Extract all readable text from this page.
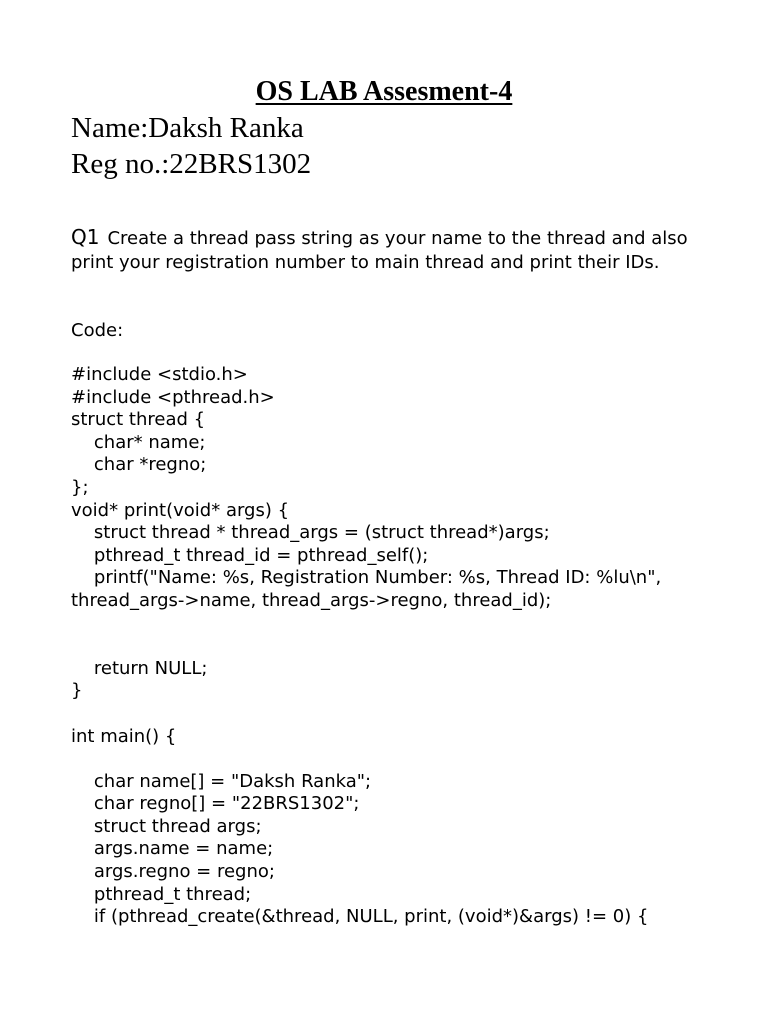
OS LAB Assesment-4
Name:Daksh Ranka
Reg no.:22BRS1302
Q1 Create a thread pass string as your name to the thread and also print your registration number to main thread and print their IDs.
Code:
#include <stdio.h>
#include <pthread.h>
struct thread {
char* name;
char *regno;
};
void* print(void* args) {
struct thread * thread_args = (struct thread*)args;
pthread_t thread_id = pthread_self();
printf("Name: %s, Registration Number: %s, Thread ID: %lu\n",
thread_args->name, thread_args->regno, thread_id);
return NULL;
}
int main() {
char name[] = "Daksh Ranka";
char regno[] = "22BRS1302";
struct thread args;
args.name = name;
args.regno = regno;
pthread_t thread;
if (pthread_create(&thread, NULL, print, (void*)&args) != 0) {
